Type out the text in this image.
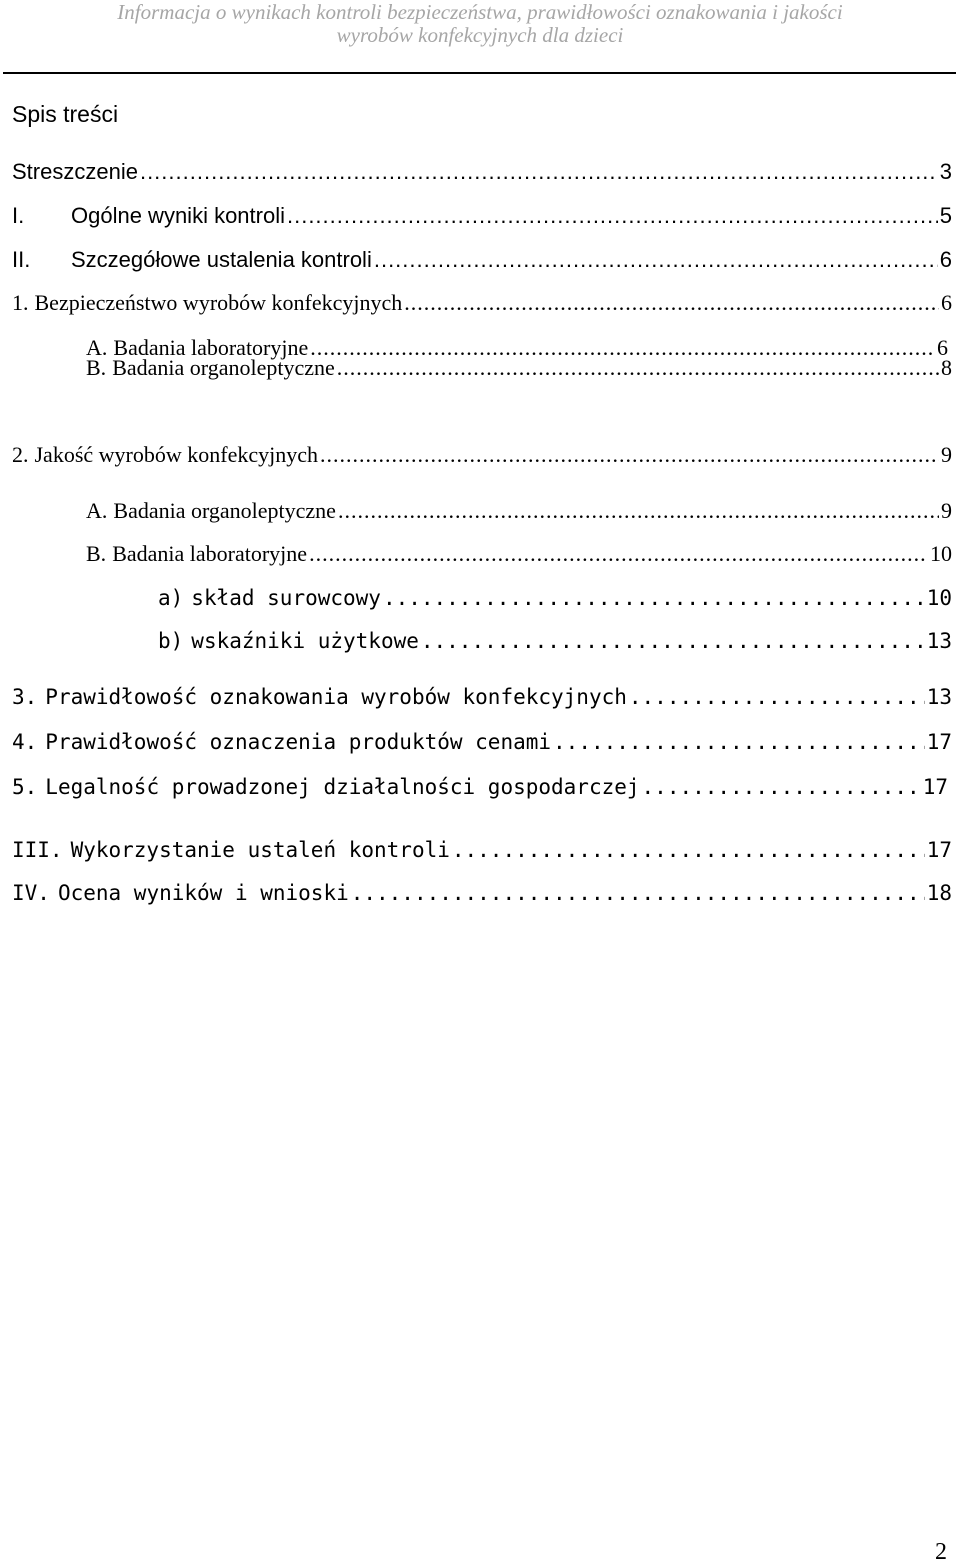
Informacja o wynikach kontroli bezpieczeństwa, prawidłowości oznakowania i jakości
wyrobów konfekcyjnych dla dzieci
Spis treści
Streszczenie .....	3
I.	Ogólne wyniki kontroli .....	5
II.	Szczegółowe ustalenia kontroli .....	6
1. Bezpieczeństwo wyrobów konfekcyjnych .....	6
A. Badania laboratoryjne .....	6
B. Badania organoleptyczne .....	8
2. Jakość wyrobów konfekcyjnych .....	9
A. Badania organoleptyczne .....	9
B. Badania laboratoryjne .....	10
a) skład surowcowy .....	10
b) wskaźniki użytkowe .....	13
3. Prawidłowość oznakowania wyrobów konfekcyjnych .....	13
4. Prawidłowość oznaczenia produktów cenami .....	17
5. Legalność prowadzonej działalności gospodarczej .....	17
III. Wykorzystanie ustaleń kontroli .....	17
IV. Ocena wyników i wnioski .....	18
2
